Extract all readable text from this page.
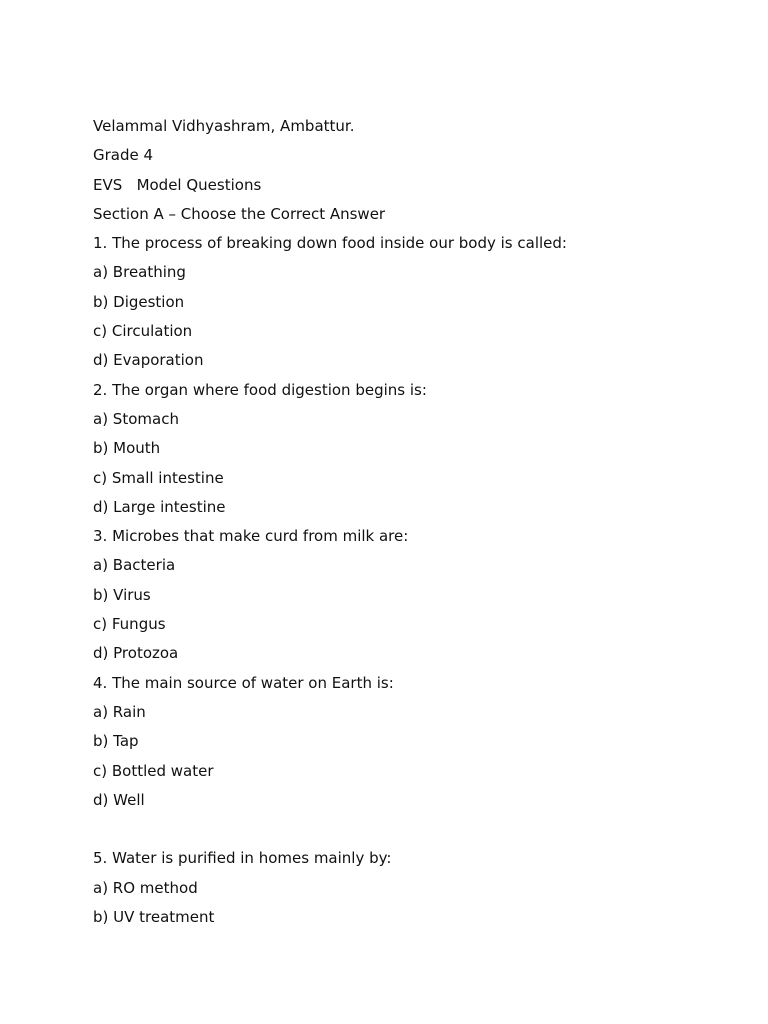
Velammal Vidhyashram, Ambattur.
Grade 4
EVS   Model Questions
Section A – Choose the Correct Answer
1. The process of breaking down food inside our body is called:
a) Breathing
b) Digestion
c) Circulation
d) Evaporation
2. The organ where food digestion begins is:
a) Stomach
b) Mouth
c) Small intestine
d) Large intestine
3. Microbes that make curd from milk are:
a) Bacteria
b) Virus
c) Fungus
d) Protozoa
4. The main source of water on Earth is:
a) Rain
b) Tap
c) Bottled water
d) Well
5. Water is purified in homes mainly by:
a) RO method
b) UV treatment
